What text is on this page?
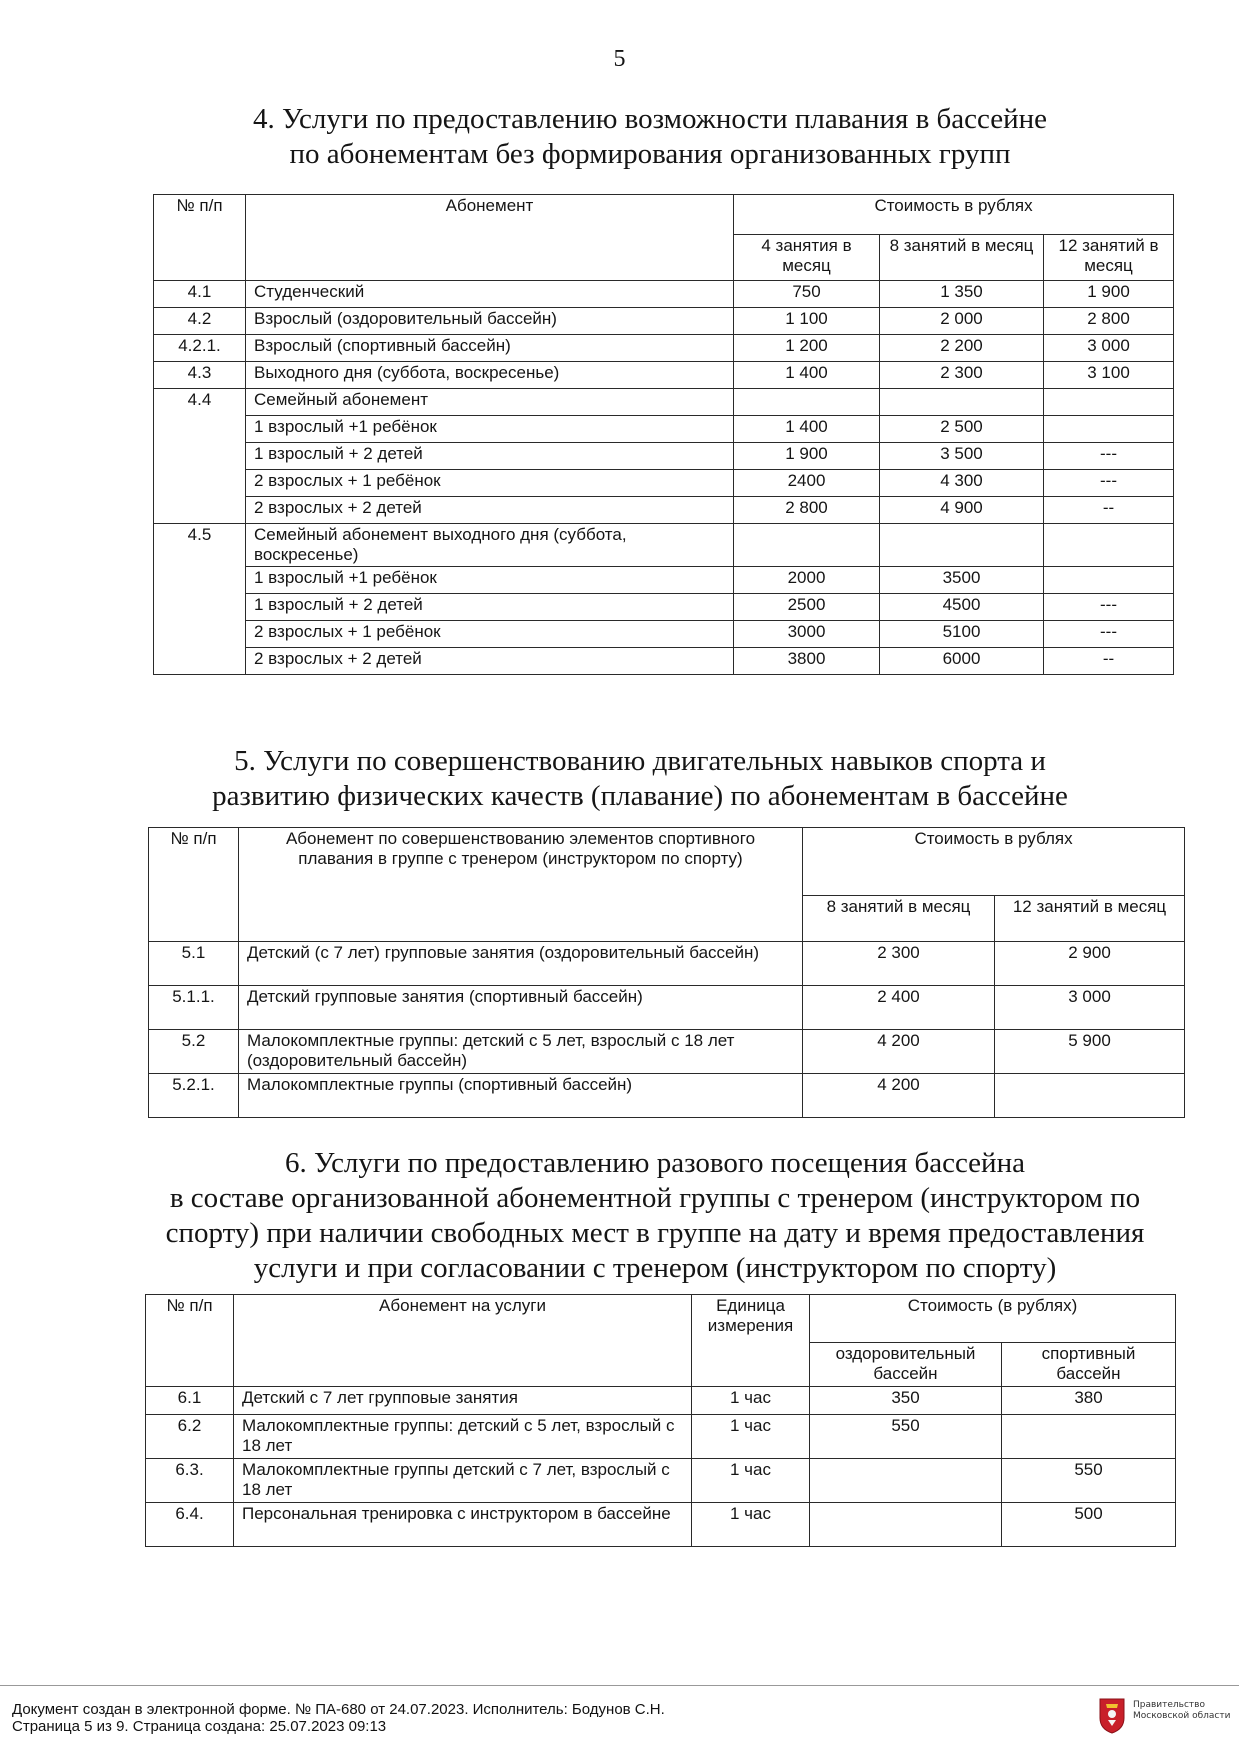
5
4. Услуги по предоставлению возможности плавания в бассейне
по абонементам без формирования организованных групп
№ п/п	Абонемент	Стоимость в рублях		
		4 занятия в месяц	8 занятий в месяц	12 занятий в месяц
4.1	Студенческий	750	1 350	1 900
4.2	Взрослый (оздоровительный бассейн)	1 100	2 000	2 800
4.2.1.	Взрослый (спортивный бассейн)	1 200	2 200	3 000
4.3	Выходного дня (суббота, воскресенье)	1 400	2 300	3 100
4.4	Семейный абонемент			
	1 взрослый +1 ребёнок	1 400	2 500	
	1 взрослый + 2 детей	1 900	3 500	---
	2 взрослых + 1 ребёнок	2400	4 300	---
	2 взрослых + 2 детей	2 800	4 900	--
4.5	Семейный абонемент выходного дня (суббота, воскресенье)			
	1 взрослый +1 ребёнок	2000	3500	
	1 взрослый + 2 детей	2500	4500	---
	2 взрослых + 1 ребёнок	3000	5100	---
	2 взрослых + 2 детей	3800	6000	--
5. Услуги по совершенствованию двигательных навыков спорта и
развитию физических качеств (плавание) по абонементам в бассейне
№ п/п	Абонемент по совершенствованию элементов спортивного плавания в группе с тренером (инструктором по спорту)	Стоимость в рублях	
		8 занятий в месяц	12 занятий в месяц
5.1	Детский (с 7 лет) групповые занятия (оздоровительный бассейн)	2 300	2 900
5.1.1.	Детский групповые занятия (спортивный бассейн)	2 400	3 000
5.2	Малокомплектные группы: детский с 5 лет, взрослый с 18 лет (оздоровительный бассейн)	4 200	5 900
5.2.1.	Малокомплектные группы (спортивный бассейн)	4 200	
6. Услуги по предоставлению разового посещения бассейна
в составе организованной абонементной группы с тренером (инструктором по
спорту) при наличии свободных мест в группе на дату и время предоставления
услуги и при согласовании с тренером (инструктором по спорту)
№ п/п	Абонемент на услуги	Единица измерения	Стоимость (в рублях)	
			оздоровительный бассейн	спортивный бассейн
6.1	Детский с 7 лет групповые занятия	1 час	350	380
6.2	Малокомплектные группы: детский с 5 лет, взрослый с 18 лет	1 час	550	
6.3.	Малокомплектные группы детский с 7 лет, взрослый с 18 лет	1 час		550
6.4.	Персональная тренировка с инструктором в бассейне	1 час		500
Документ создан в электронной форме. № ПА-680 от 24.07.2023. Исполнитель: Бодунов С.Н.
Страница 5 из 9. Страница создана: 25.07.2023 09:13
Правительство
Московской области
